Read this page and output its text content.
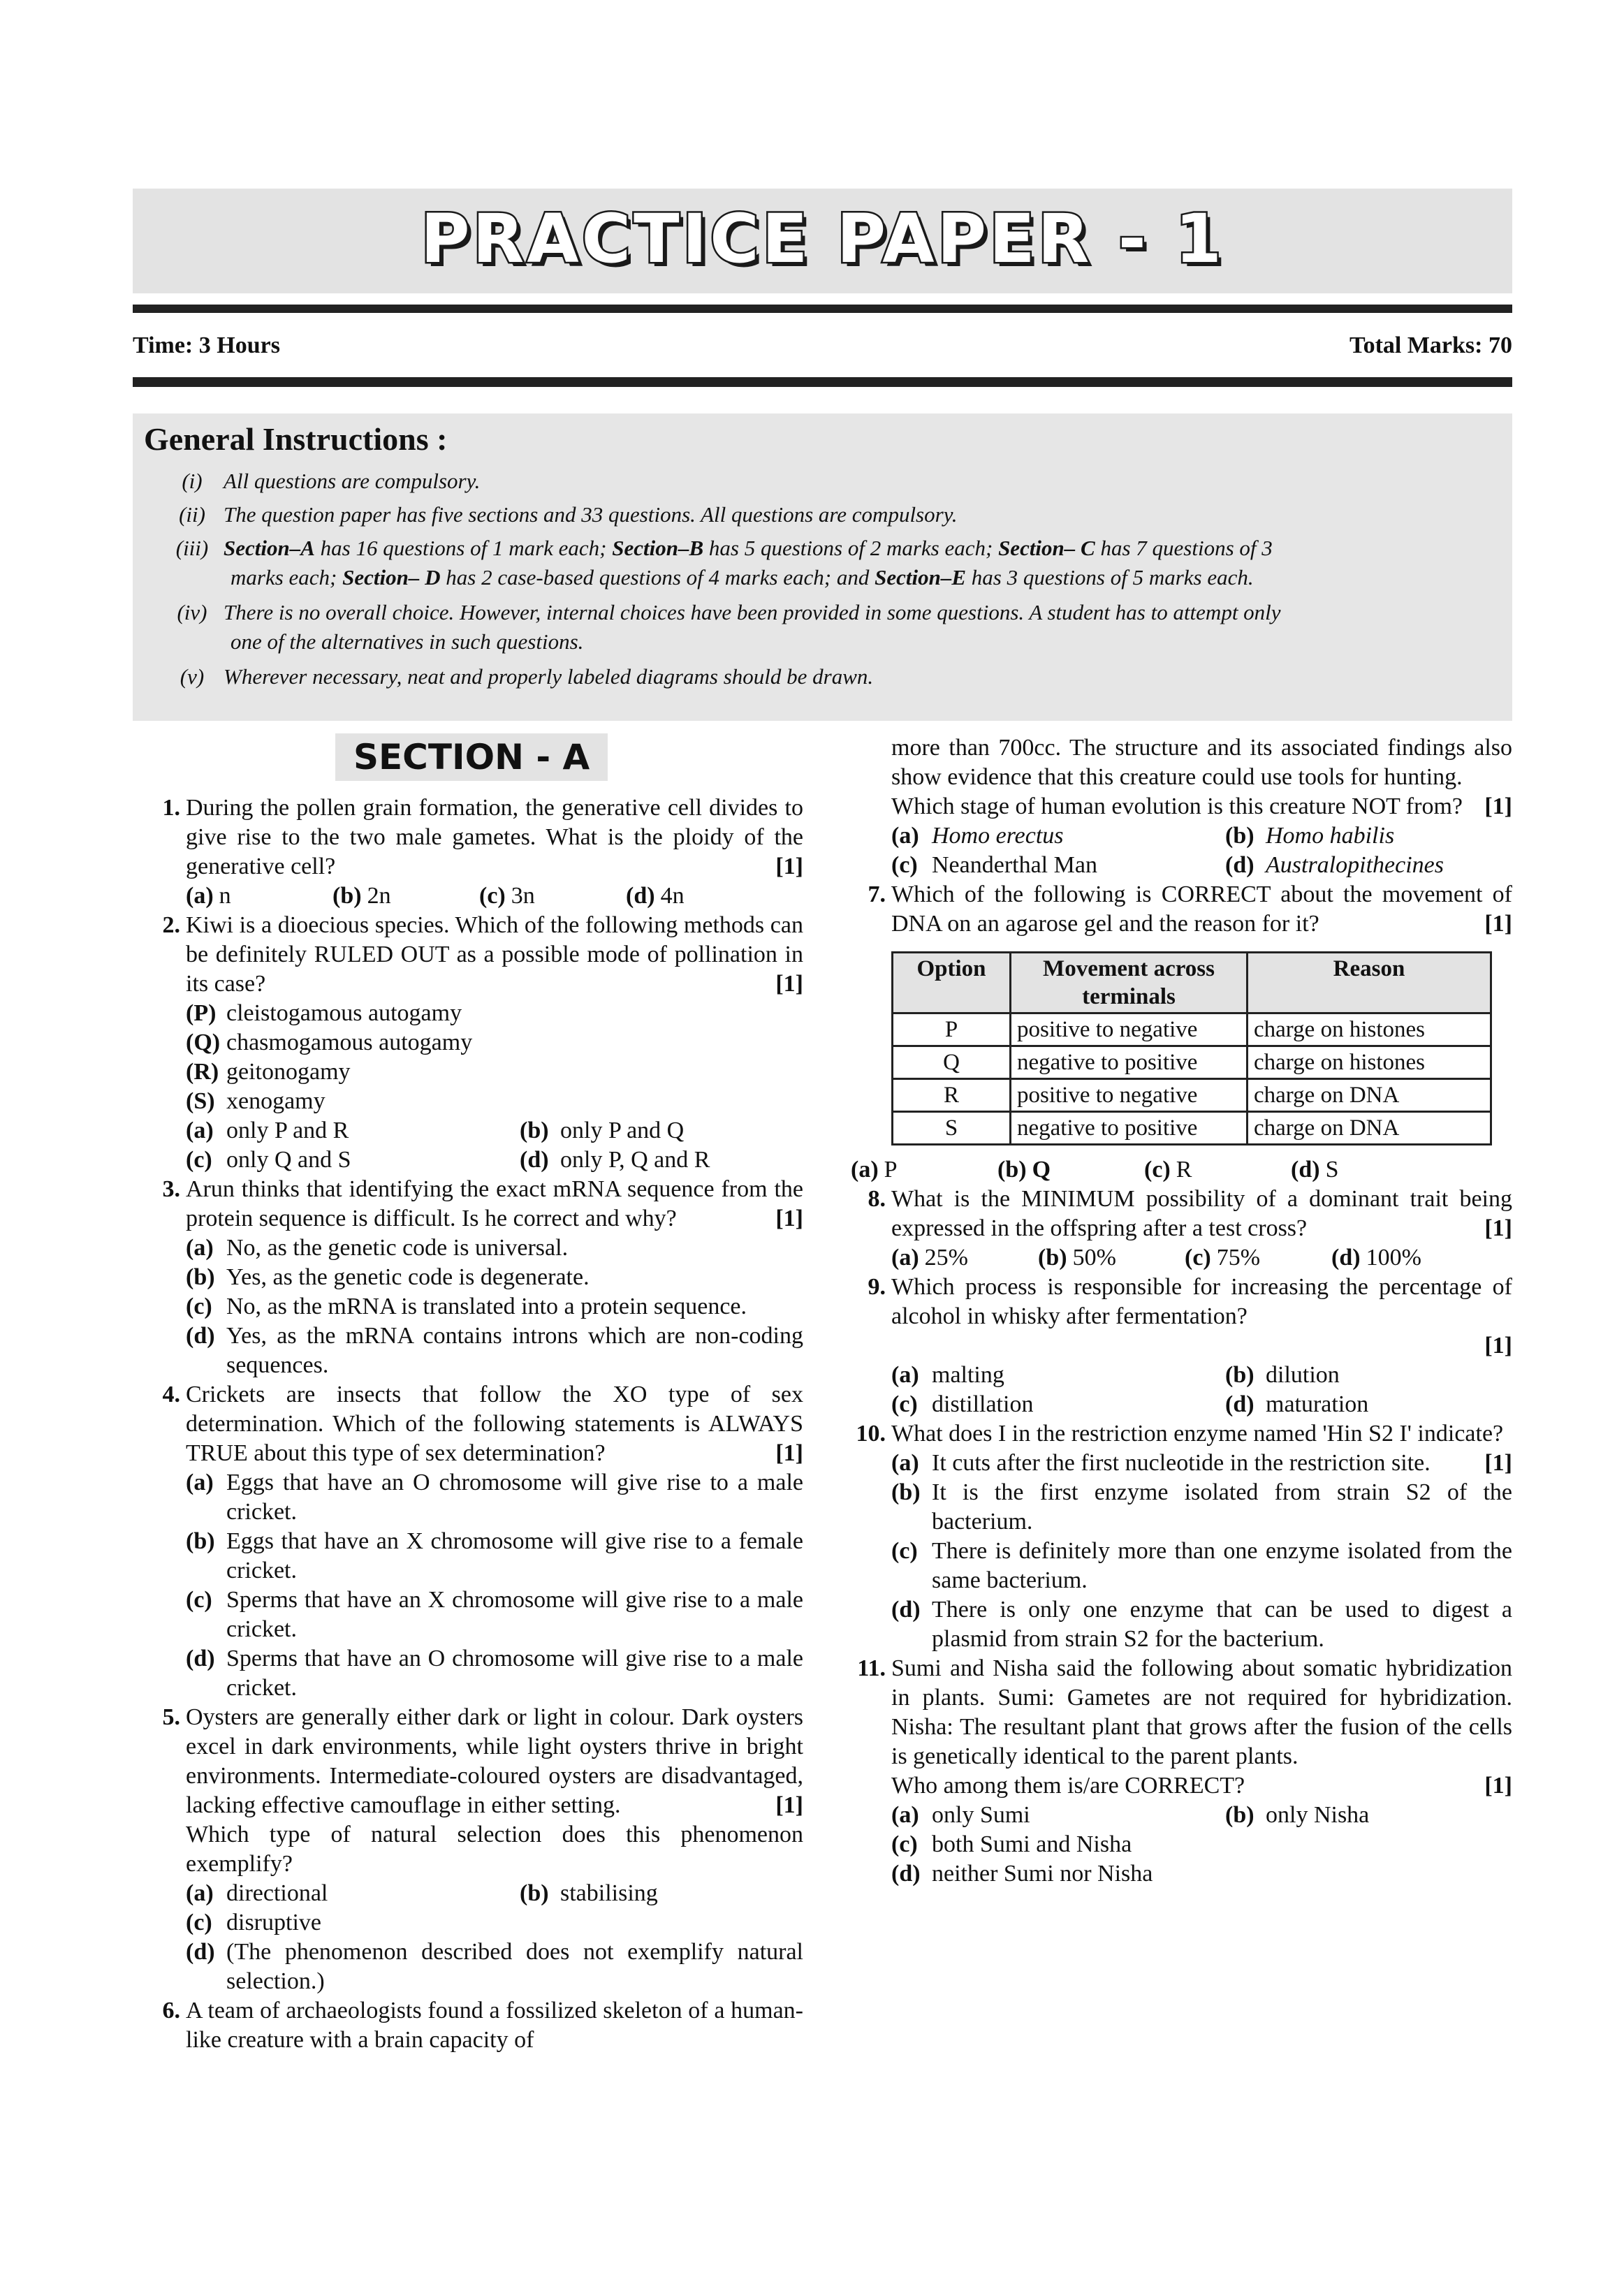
PRACTICE PAPER - 1
Time: 3 Hours	Total Marks: 70
General Instructions :
(i) All questions are compulsory.
(ii) The question paper has five sections and 33 questions. All questions are compulsory.
(iii) Section–A has 16 questions of 1 mark each; Section–B has 5 questions of 2 marks each; Section– C has 7 questions of 3
marks each; Section– D has 2 case-based questions of 4 marks each; and Section–E has 3 questions of 5 marks each.
(iv) There is no overall choice. However, internal choices have been provided in some questions. A student has to attempt only
one of the alternatives in such questions.
(v) Wherever necessary, neat and properly labeled diagrams should be drawn.
SECTION - A
1. During the pollen grain formation, the generative cell divides to give rise to the two male gametes. What is the ploidy of the generative cell?	[1]
(a) n	(b) 2n	(c) 3n	(d) 4n
2. Kiwi is a dioecious species. Which of the following methods can be definitely RULED OUT as a possible mode of pollination in its case?	[1]
(P) cleistogamous autogamy
(Q) chasmogamous autogamy
(R) geitonogamy
(S) xenogamy
(a) only P and R	(b) only P and Q
(c) only Q and S	(d) only P, Q and R
3. Arun thinks that identifying the exact mRNA sequence from the protein sequence is difficult. Is he correct and why?	[1]
(a) No, as the genetic code is universal.
(b) Yes, as the genetic code is degenerate.
(c) No, as the mRNA is translated into a protein sequence.
(d) Yes, as the mRNA contains introns which are non-coding sequences.
4. Crickets are insects that follow the XO type of sex determination. Which of the following statements is ALWAYS TRUE about this type of sex determination?	[1]
(a) Eggs that have an O chromosome will give rise to a male cricket.
(b) Eggs that have an X chromosome will give rise to a female cricket.
(c) Sperms that have an X chromosome will give rise to a male cricket.
(d) Sperms that have an O chromosome will give rise to a male cricket.
5. Oysters are generally either dark or light in colour. Dark oysters excel in dark environments, while light oysters thrive in bright environments. Intermediate-coloured oysters are disadvantaged, lacking effective camouflage in either setting.	[1]
Which type of natural selection does this phenomenon exemplify?
(a) directional	(b) stabilising
(c) disruptive
(d) (The phenomenon described does not exemplify natural selection.)
6. A team of archaeologists found a fossilized skeleton of a human-like creature with a brain capacity of
more than 700cc. The structure and its associated findings also show evidence that this creature could use tools for hunting.
Which stage of human evolution is this creature NOT from? [1]
(a) Homo erectus	(b) Homo habilis
(c) Neanderthal Man	(d) Australopithecines
7. Which of the following is CORRECT about the movement of DNA on an agarose gel and the reason for it?	[1]
Option	Movement across terminals	Reason
P	positive to negative	charge on histones
Q	negative to positive	charge on histones
R	positive to negative	charge on DNA
S	negative to positive	charge on DNA
(a) P	(b) Q	(c) R	(d) S
8. What is the MINIMUM possibility of a dominant trait being expressed in the offspring after a test cross?	[1]
(a) 25%	(b) 50%	(c) 75%	(d) 100%
9. Which process is responsible for increasing the percentage of alcohol in whisky after fermentation?
[1]
(a) malting	(b) dilution
(c) distillation	(d) maturation
10. What does I in the restriction enzyme named 'Hin S2 I' indicate?
[1]
(a) It cuts after the first nucleotide in the restriction site.
(b) It is the first enzyme isolated from strain S2 of the bacterium.
(c) There is definitely more than one enzyme isolated from the same bacterium.
(d) There is only one enzyme that can be used to digest a plasmid from strain S2 for the bacterium.
11. Sumi and Nisha said the following about somatic hybridization in plants. Sumi: Gametes are not required for hybridization. Nisha: The resultant plant that grows after the fusion of the cells is genetically identical to the parent plants.
Who among them is/are CORRECT?	[1]
(a) only Sumi	(b) only Nisha
(c) both Sumi and Nisha
(d) neither Sumi nor Nisha
